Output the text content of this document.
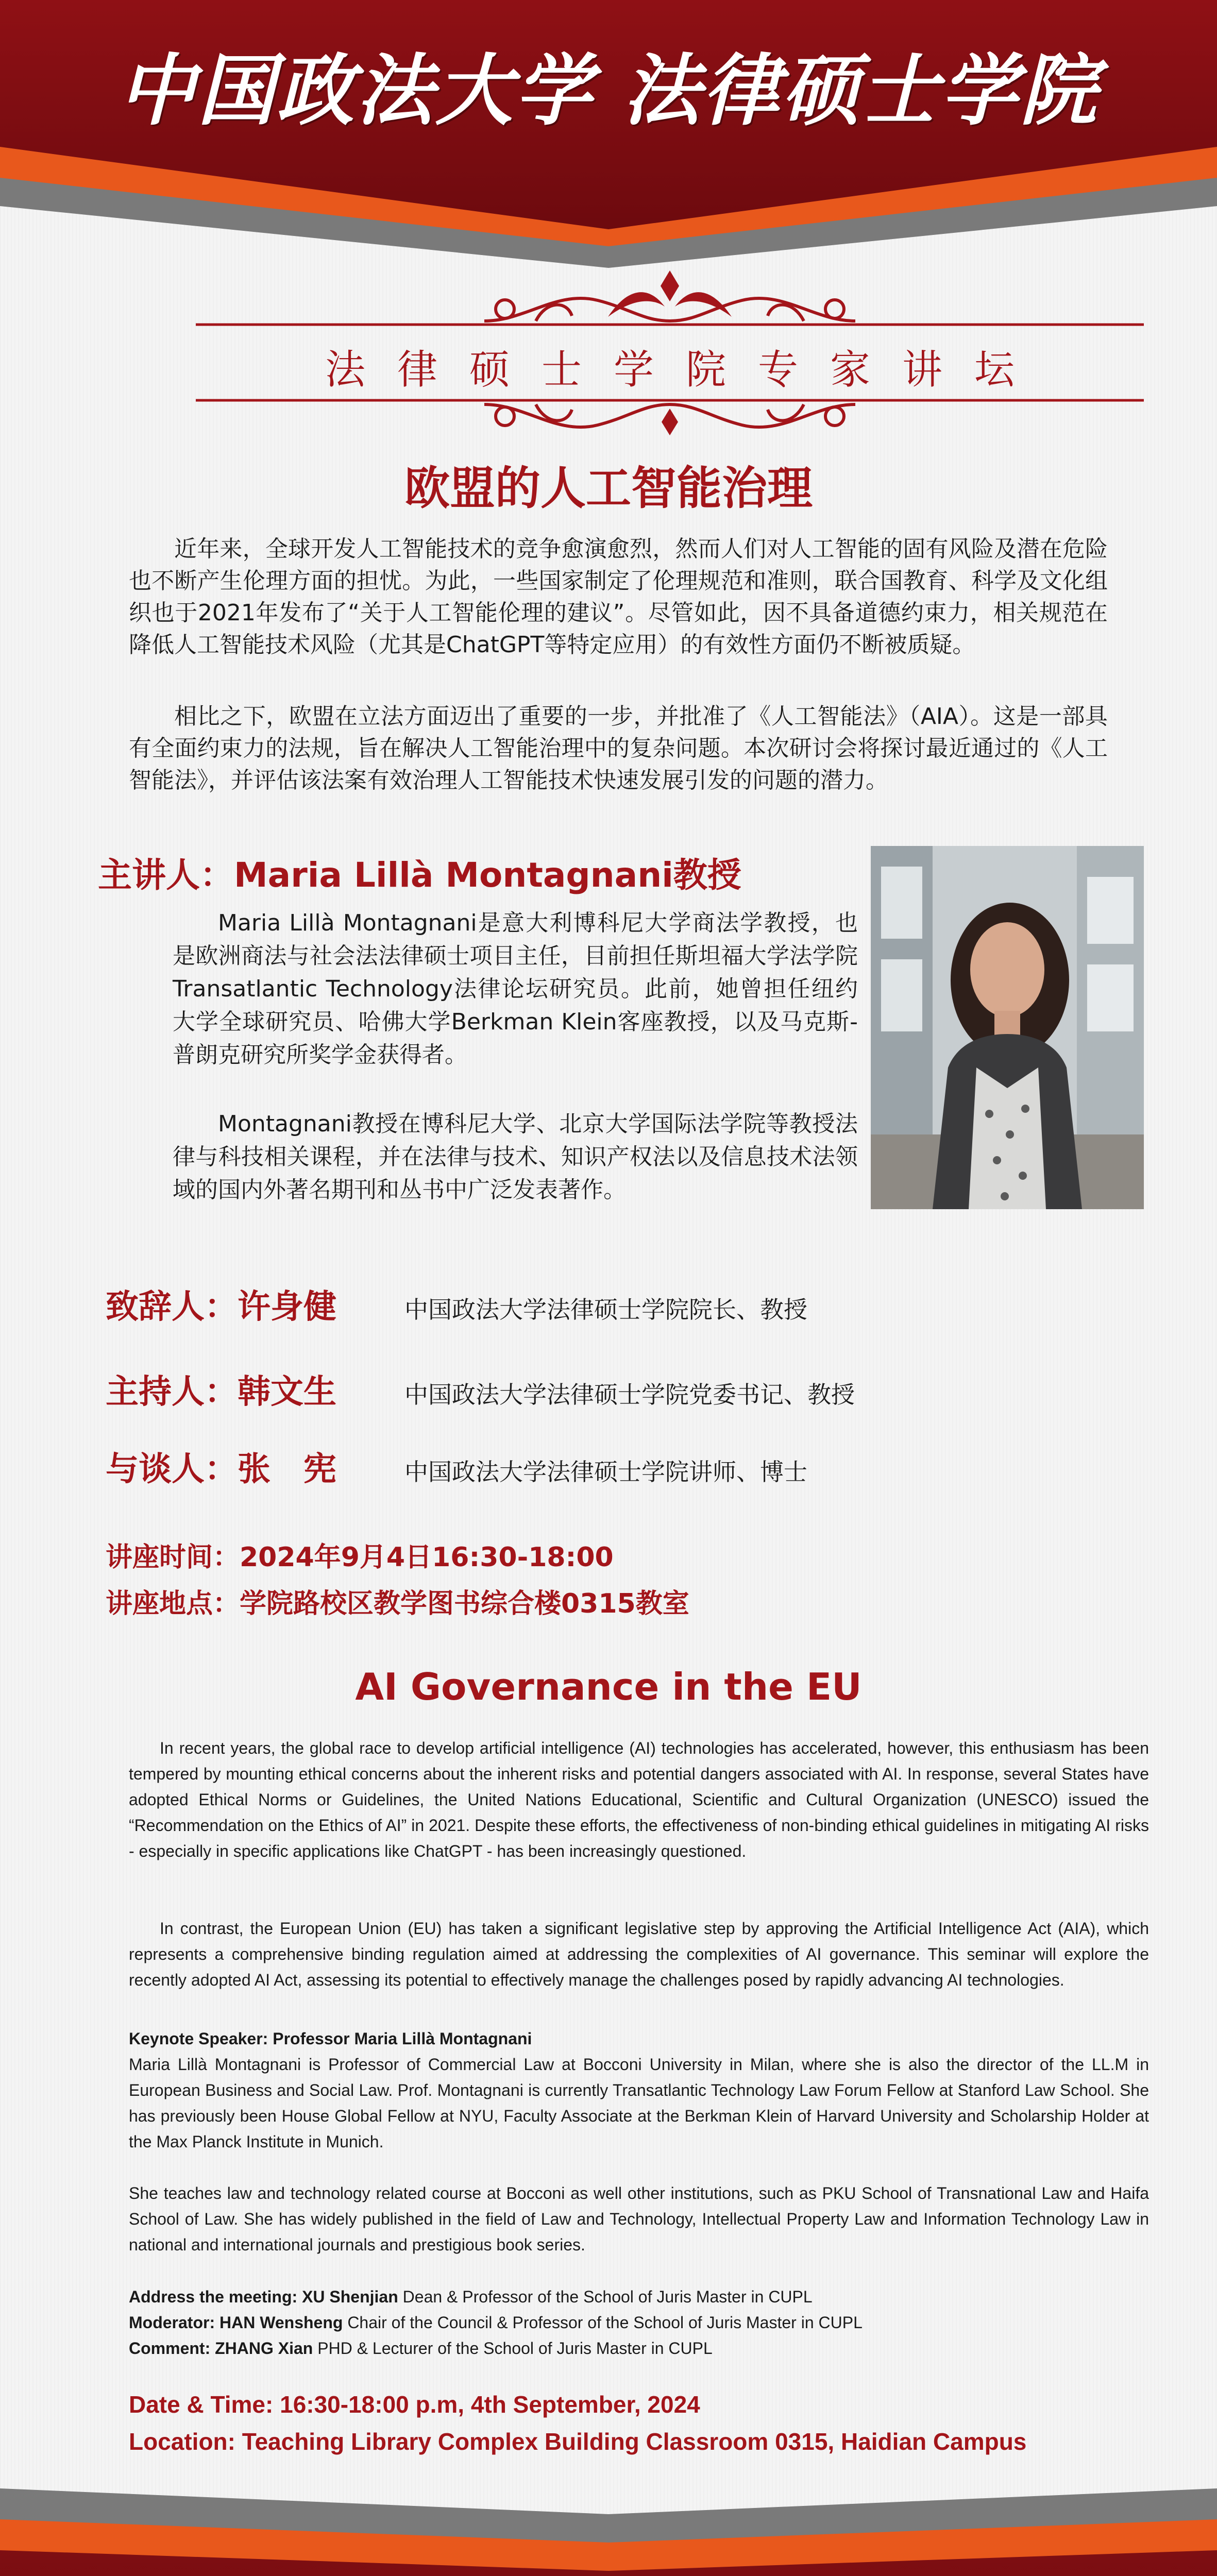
中国政法大学 法律硕士学院
法律硕士学院专家讲坛
欧盟的人工智能治理

近年来，全球开发人工智能技术的竞争愈演愈烈，然而人们对人工智能的固有风险及潜在危险也不断产生伦理方面的担忧。为此，一些国家制定了伦理规范和准则，联合国教育、科学及文化组织也于2021年发布了“关于人工智能伦理的建议”。尽管如此，因不具备道德约束力，相关规范在降低人工智能技术风险（尤其是ChatGPT等特定应用）的有效性方面仍不断被质疑。

相比之下，欧盟在立法方面迈出了重要的一步，并批准了《人工智能法》（AIA）。这是一部具有全面约束力的法规，旨在解决人工智能治理中的复杂问题。本次研讨会将探讨最近通过的《人工智能法》，并评估该法案有效治理人工智能技术快速发展引发的问题的潜力。

主讲人：Maria Lillà Montagnani教授

Maria Lillà Montagnani是意大利博科尼大学商法学教授，也是欧洲商法与社会法法律硕士项目主任，目前担任斯坦福大学法学院Transatlantic Technology法律论坛研究员。此前，她曾担任纽约大学全球研究员、哈佛大学Berkman Klein客座教授，以及马克斯-普朗克研究所奖学金获得者。

Montagnani教授在博科尼大学、北京大学国际法学院等教授法律与科技相关课程，并在法律与技术、知识产权法以及信息技术法领域的国内外著名期刊和丛书中广泛发表著作。

致辞人：许身健	中国政法大学法律硕士学院院长、教授
主持人：韩文生	中国政法大学法律硕士学院党委书记、教授
与谈人：张　宪	中国政法大学法律硕士学院讲师、博士
讲座时间：2024年9月4日16:30-18:00
讲座地点：学院路校区教学图书综合楼0315教室
AI Governance in the EU

In recent years, the global race to develop artificial intelligence (AI) technologies has accelerated, however, this enthusiasm has been tempered by mounting ethical concerns about the inherent risks and potential dangers associated with AI. In response, several States have adopted Ethical Norms or Guidelines, the United Nations Educational, Scientific and Cultural Organization (UNESCO) issued the “Recommendation on the Ethics of AI” in 2021. Despite these efforts, the effectiveness of non-binding ethical guidelines in mitigating AI risks - especially in specific applications like ChatGPT - has been increasingly questioned.

In contrast, the European Union (EU) has taken a significant legislative step by approving the Artificial Intelligence Act (AIA), which represents a comprehensive binding regulation aimed at addressing the complexities of AI governance. This seminar will explore the recently adopted AI Act, assessing its potential to effectively manage the challenges posed by rapidly advancing AI technologies.

Keynote Speaker: Professor Maria Lillà Montagnani

Maria Lillà Montagnani is Professor of Commercial Law at Bocconi University in Milan, where she is also the director of the LL.M in European Business and Social Law. Prof. Montagnani is currently Transatlantic Technology Law Forum Fellow at Stanford Law School. She has previously been House Global Fellow at NYU, Faculty Associate at the Berkman Klein of Harvard University and Scholarship Holder at the Max Planck Institute in Munich.

She teaches law and technology related course at Bocconi as well other institutions, such as PKU School of Transnational Law and Haifa School of Law. She has widely published in the field of Law and Technology, Intellectual Property Law and Information Technology Law in national and international journals and prestigious book series.

Address the meeting: XU Shenjian Dean & Professor of the School of Juris Master in CUPL
Moderator: HAN Wensheng Chair of the Council & Professor of the School of Juris Master in CUPL
Comment: ZHANG Xian PHD & Lecturer of the School of Juris Master in CUPL
Date & Time: 16:30-18:00 p.m, 4th September, 2024
Location: Teaching Library Complex Building Classroom 0315, Haidian Campus
